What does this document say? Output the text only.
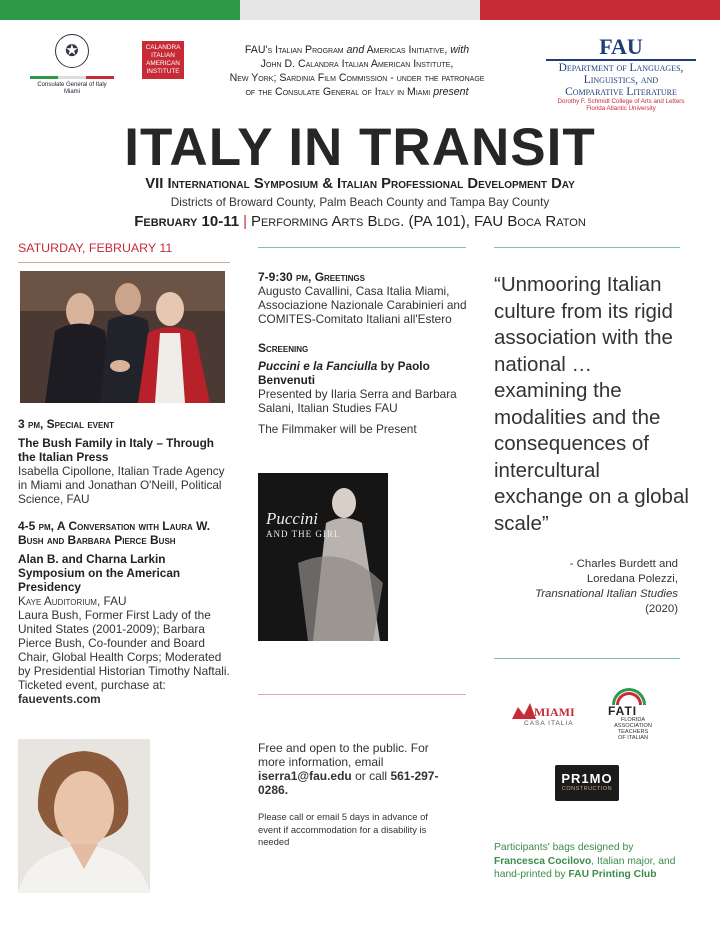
✪
Consulate General of Italy
Miami
CALANDRA
ITALIAN
AMERICAN
INSTITUTE
FAU's Italian Program and Americas Initiative, with
John D. Calandra Italian American Institute,
New York; Sardinia Film Commission - under the patronage
of the Consulate General of Italy in Miami present
FAU
Department of Languages,
Linguistics, and
Comparative Literature
Dorothy F. Schmidt College of Arts and Letters
Florida Atlantic University
ITALY IN TRANSIT
VII International Symposium & Italian Professional Development Day
Districts of Broward County, Palm Beach County and Tampa Bay County
February 10-11 | Performing Arts Bldg. (PA 101), FAU Boca Raton
SATURDAY, FEBRUARY 11
3 pm, Special event
The Bush Family in Italy – Through the Italian Press
Isabella Cipollone, Italian Trade Agency in Miami and Jonathan O'Neill, Political Science, FAU
4-5 pm, A Conversation with Laura W. Bush and Barbara Pierce Bush
Alan B. and Charna Larkin Symposium on the American Presidency
Kaye Auditorium, FAU
Laura Bush, Former First Lady of the United States (2001-2009); Barbara Pierce Bush, Co-founder and Board Chair, Global Health Corps; Moderated by Presidential Historian Timothy Naftali. Ticketed event, purchase at: fauevents.com
7-9:30 pm, Greetings
Augusto Cavallini, Casa Italia Miami, Associazione Nazionale Carabinieri and COMITES-Comitato Italiani all'Estero
Screening
Puccini e la Fanciulla by Paolo Benvenuti
Presented by Ilaria Serra and Barbara Salani, Italian Studies FAU
The Filmmaker will be Present
Puccini
AND THE GIRL
Free and open to the public. For more information, email iserra1@fau.edu or call 561-297-0286.
Please call or email 5 days in advance of event if accommodation for a disability is needed
“Unmooring Italian culture from its rigid association with the national … examining the modalities and the consequences of intercultural exchange on a global scale”
- Charles Burdett and Loredana Polezzi,
Transnational Italian Studies (2020)
MIAMI
CASA ITALIA
FATI
FLORIDA
ASSOCIATION
TEACHERS
OF ITALIAN
PR1MO
CONSTRUCTION
Participants' bags designed by Francesca Cocilovo, Italian major, and hand-printed by FAU Printing Club
